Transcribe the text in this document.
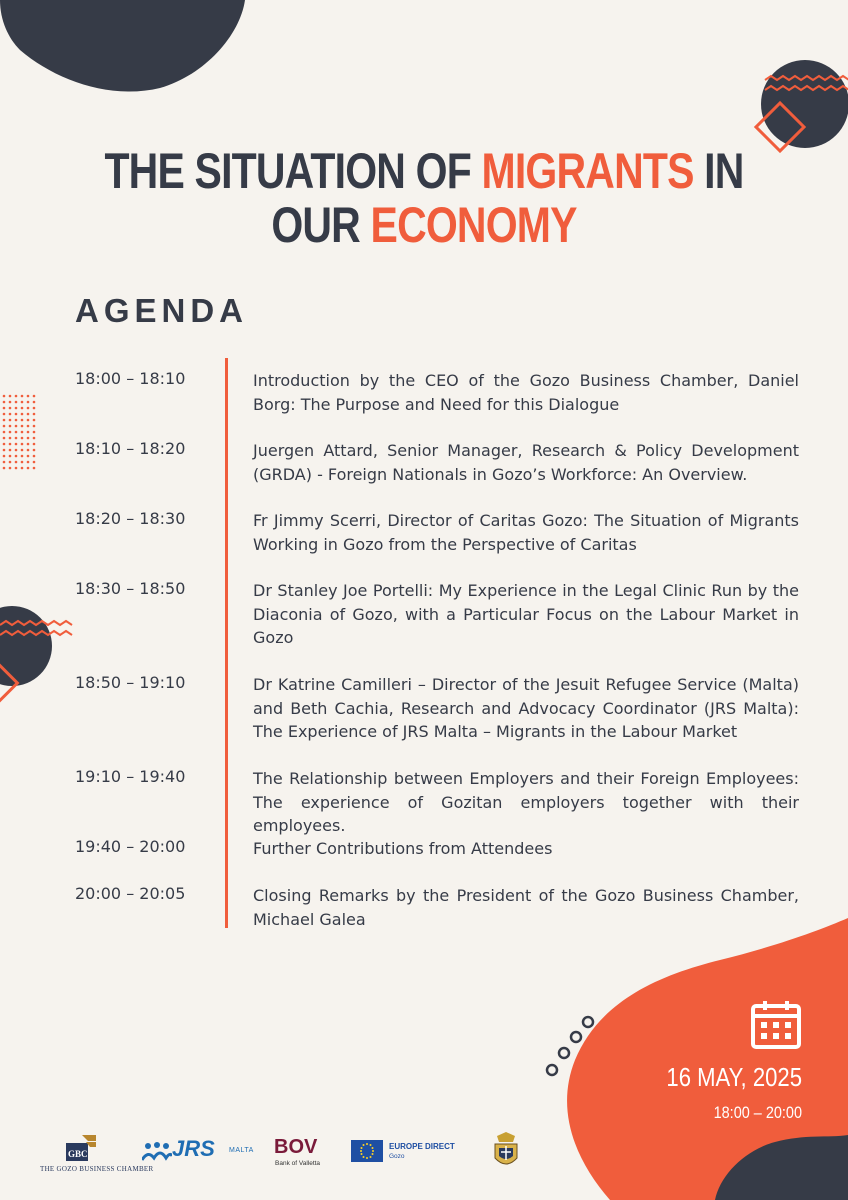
THE SITUATION OF MIGRANTS IN
OUR ECONOMY
AGENDA
18:00 – 18:10	Introduction by the CEO of the Gozo Business Chamber, Daniel Borg: The Purpose and Need for this Dialogue
18:10 – 18:20	Juergen Attard, Senior Manager, Research & Policy Development (GRDA) - Foreign Nationals in Gozo’s Workforce: An Overview.
18:20 – 18:30	Fr Jimmy Scerri, Director of Caritas Gozo: The Situation of Migrants Working in Gozo from the Perspective of Caritas
18:30 – 18:50	Dr Stanley Joe Portelli: My Experience in the Legal Clinic Run by the Diaconia of Gozo, with a Particular Focus on the Labour Market in Gozo
18:50 – 19:10	Dr Katrine Camilleri – Director of the Jesuit Refugee Service (Malta) and Beth Cachia, Research and Advocacy Coordinator (JRS Malta): The Experience of JRS Malta – Migrants in the Labour Market
19:10 – 19:40	The Relationship between Employers and their Foreign Employees: The experience of Gozitan employers together with their employees.
19:40 – 20:00	Further Contributions from Attendees
20:00 – 20:05	Closing Remarks by the President of the Gozo Business Chamber, Michael Galea
16 MAY, 2025
18:00 – 20:00
GBC
THE GOZO BUSINESS CHAMBER
JRS MALTA BOV
Bank of Valletta
EUROPE DIRECT
Gozo
